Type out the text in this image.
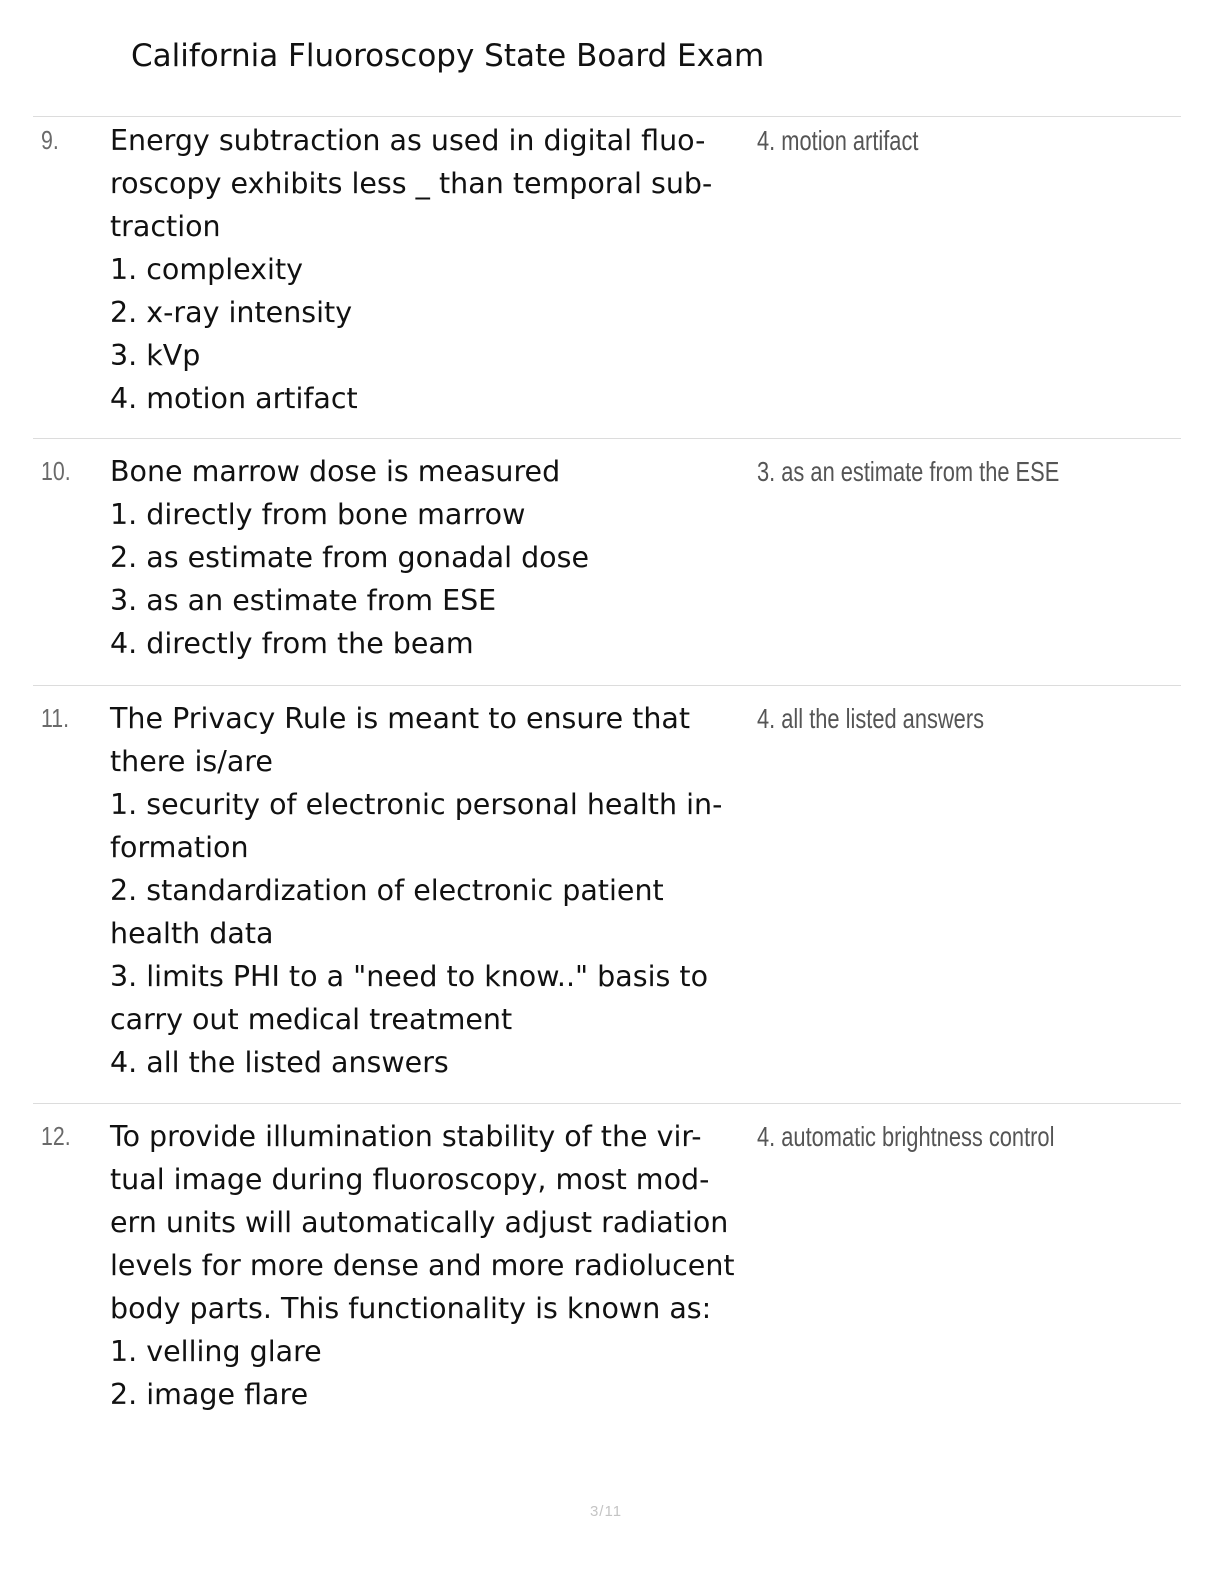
California Fluoroscopy State Board Exam
9. Energy subtraction as used in digital fluo-
roscopy exhibits less _ than temporal sub-
traction
1. complexity
2. x-ray intensity
3. kVp
4. motion artifact
4. motion artifact
10. Bone marrow dose is measured
1. directly from bone marrow
2. as estimate from gonadal dose
3. as an estimate from ESE
4. directly from the beam
3. as an estimate from the ESE
11. The Privacy Rule is meant to ensure that
there is/are
1. security of electronic personal health in-
formation
2. standardization of electronic patient
health data
3. limits PHI to a "need to know.." basis to
carry out medical treatment
4. all the listed answers
4. all the listed answers
12. To provide illumination stability of the vir-
tual image during fluoroscopy, most mod-
ern units will automatically adjust radiation
levels for more dense and more radiolucent
body parts. This functionality is known as:
1. velling glare
2. image flare
4. automatic brightness control
3/11
